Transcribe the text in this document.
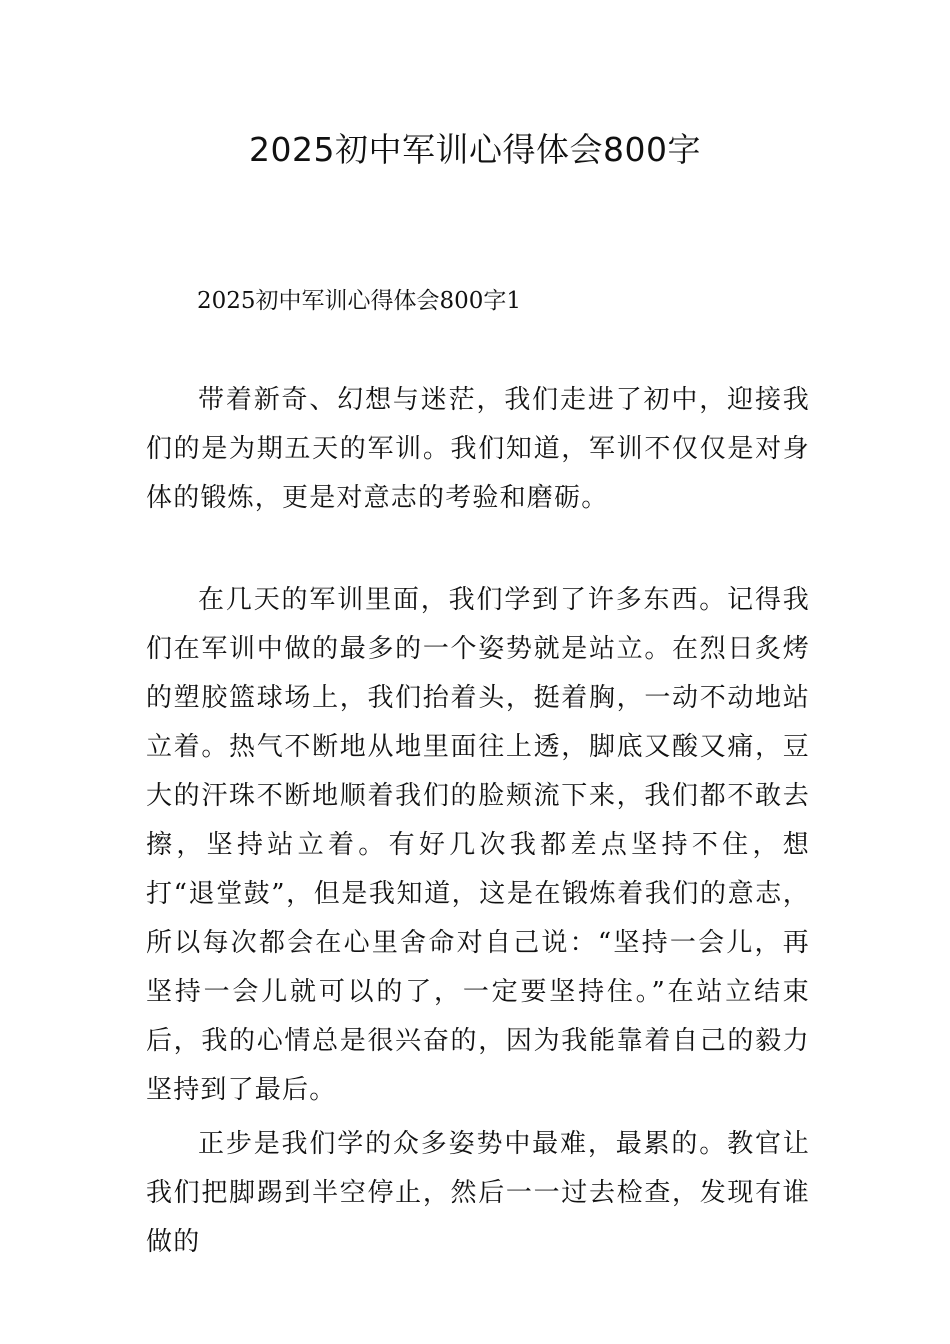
2025初中军训心得体会800字
2025初中军训心得体会800字1

带着新奇、幻想与迷茫，我们走进了初中，迎接我们的是为期五天的军训。我们知道，军训不仅仅是对身体的锻炼，更是对意志的考验和磨砺。

在几天的军训里面，我们学到了许多东西。记得我们在军训中做的最多的一个姿势就是站立。在烈日炙烤的塑胶篮球场上，我们抬着头，挺着胸，一动不动地站立着。热气不断地从地里面往上透，脚底又酸又痛，豆大的汗珠不断地顺着我们的脸颊流下来，我们都不敢去擦，坚持站立着。有好几次我都差点坚持不住，想打“退堂鼓”，但是我知道，这是在锻炼着我们的意志，所以每次都会在心里舍命对自己说：“坚持一会儿，再坚持一会儿就可以的了，一定要坚持住。”在站立结束后，我的心情总是很兴奋的，因为我能靠着自己的毅力坚持到了最后。

正步是我们学的众多姿势中最难，最累的。教官让我们把脚踢到半空停止，然后一一过去检查，发现有谁做的
